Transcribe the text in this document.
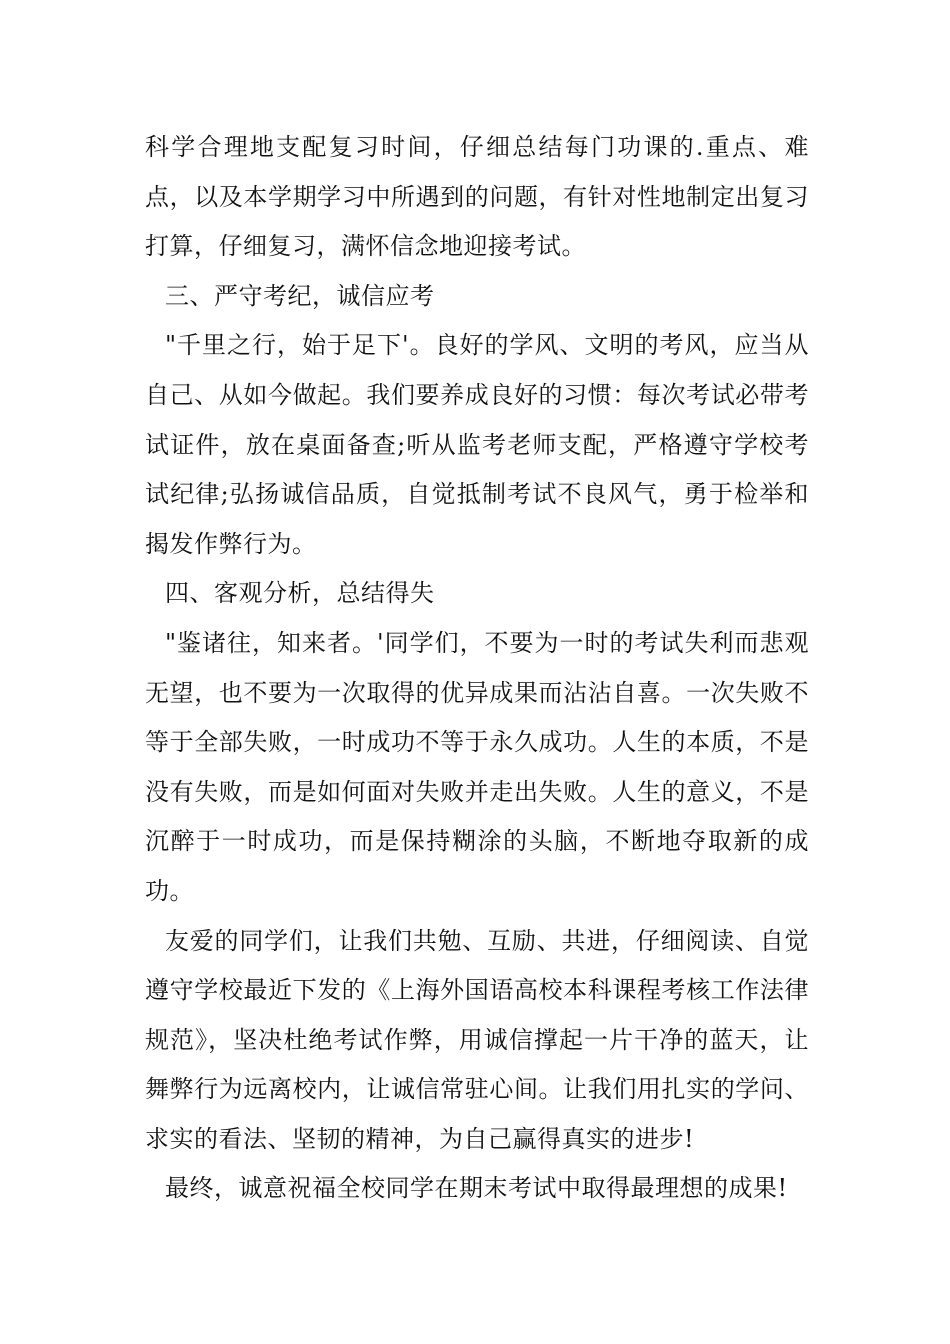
科学合理地支配复习时间，仔细总结每门功课的.重点、难点，以及本学期学习中所遇到的问题，有针对性地制定出复习打算，仔细复习，满怀信念地迎接考试。

三、严守考纪，诚信应考

"千里之行，始于足下'。良好的学风、文明的考风，应当从自己、从如今做起。我们要养成良好的习惯：每次考试必带考试证件，放在桌面备查;听从监考老师支配，严格遵守学校考试纪律;弘扬诚信品质，自觉抵制考试不良风气，勇于检举和揭发作弊行为。

四、客观分析，总结得失

"鉴诸往，知来者。'同学们，不要为一时的考试失利而悲观无望，也不要为一次取得的优异成果而沾沾自喜。一次失败不等于全部失败，一时成功不等于永久成功。人生的本质，不是没有失败，而是如何面对失败并走出失败。人生的意义，不是沉醉于一时成功，而是保持糊涂的头脑，不断地夺取新的成功。

友爱的同学们，让我们共勉、互励、共进，仔细阅读、自觉遵守学校最近下发的《上海外国语高校本科课程考核工作法律规范》，坚决杜绝考试作弊，用诚信撑起一片干净的蓝天，让舞弊行为远离校内，让诚信常驻心间。让我们用扎实的学问、求实的看法、坚韧的精神，为自己赢得真实的进步!

最终，诚意祝福全校同学在期末考试中取得最理想的成果!
